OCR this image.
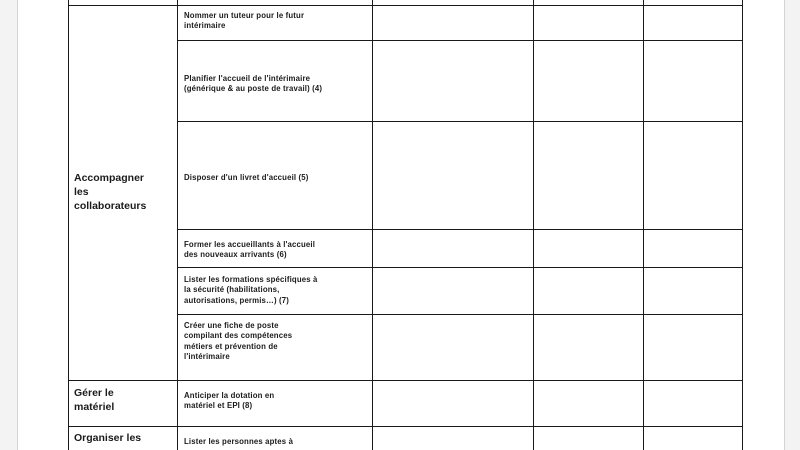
Accompagner
les
collaborateurs
Gérer le
matériel
Organiser les
Nommer un tuteur pour le futur
intérimaire
Planifier l'accueil de l'intérimaire
(générique & au poste de travail) (4)
Disposer d'un livret d'accueil (5)
Former les accueillants à l'accueil
des nouveaux arrivants (6)
Lister les formations spécifiques à
la sécurité (habilitations,
autorisations, permis…) (7)
Créer une fiche de poste
compilant des compétences
métiers et prévention de
l'intérimaire
Anticiper la dotation en
matériel et EPI (8)
Lister les personnes aptes à
